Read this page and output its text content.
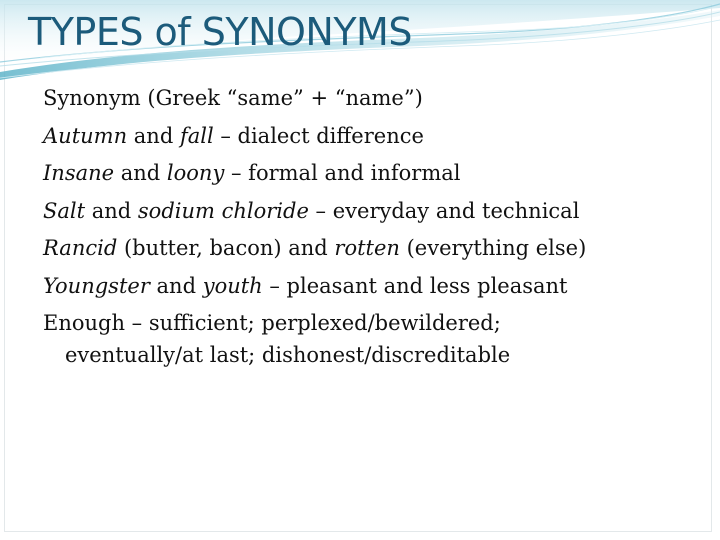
TYPES of SYNONYMS
Synonym (Greek “same” + “name”)
Autumn and fall – dialect difference
Insane and loony – formal and informal
Salt and sodium chloride – everyday and technical
Rancid (butter, bacon) and rotten (everything else)
Youngster and youth – pleasant and less pleasant
Enough – sufficient; perplexed/bewildered;
eventually/at last; dishonest/discreditable
